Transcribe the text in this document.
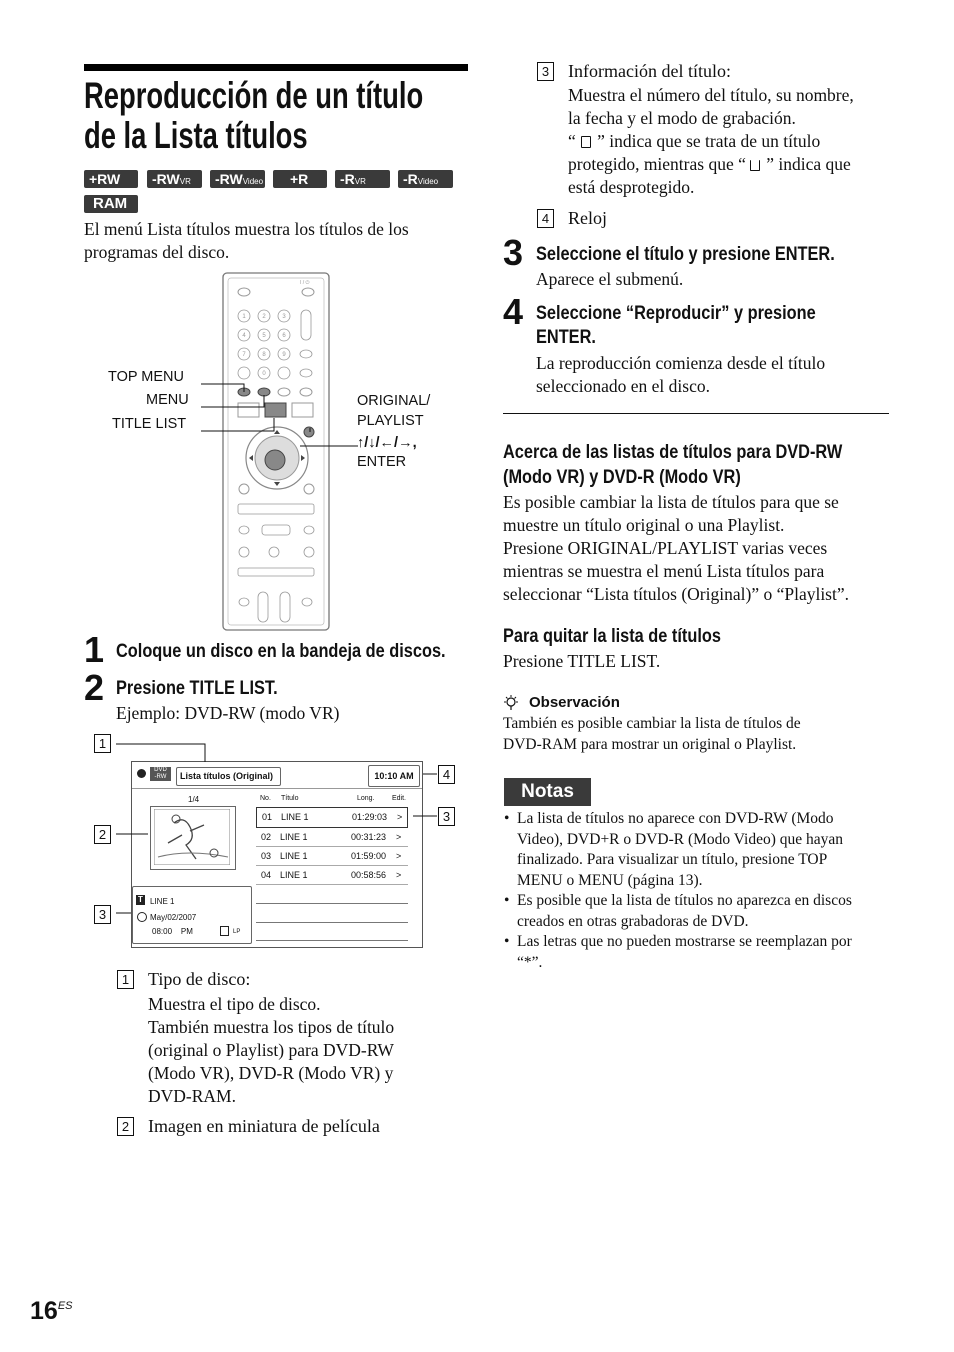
Reproducción de un título
de la Lista títulos
+RW	-RWVR	-RWVideo	+R	-RVR	-RVideo
RAM
El menú Lista títulos muestra los títulos de los
programas del disco.
I / ⏻
1	2	3
4	5	6
7	8	9
0
TOP MENU
MENU
TITLE LIST
ORIGINAL/
PLAYLIST
↑/↓/←/→,
ENTER
1 Coloque un disco en la bandeja de discos.
2 Presione TITLE LIST.
Ejemplo: DVD-RW (modo VR)
DVD
-RW	Lista títulos (Original)	10:10 AM
1/4
T LINE 1
May/02/2007
08:00    PM	LP
No. Título	Long. Edit.
01 LINE 1	01:29:03 >
02 LINE 1	00:31:23 >
03 LINE 1	01:59:00 >
04 LINE 1	00:58:56 >
1
2
3
4
3
1 Tipo de disco:
Muestra el tipo de disco.
También muestra los tipos de título
(original o Playlist) para DVD-RW
(Modo VR), DVD-R (Modo VR) y
DVD-RAM.
2 Imagen en miniatura de película
3 Información del título:
Muestra el número del título, su nombre,
la fecha y el modo de grabación.
“ ” indica que se trata de un título
protegido, mientras que “ ” indica que
está desprotegido.
4 Reloj
3 Seleccione el título y presione ENTER.
Aparece el submenú.
4 Seleccione “Reproducir” y presione
ENTER.
La reproducción comienza desde el título
seleccionado en el disco.
Acerca de las listas de títulos para DVD-RW
(Modo VR) y DVD-R (Modo VR)
Es posible cambiar la lista de títulos para que se
muestre un título original o una Playlist.
Presione ORIGINAL/PLAYLIST varias veces
mientras se muestra el menú Lista títulos para
seleccionar “Lista títulos (Original)” o “Playlist”.
Para quitar la lista de títulos
Presione TITLE LIST.
Observación
También es posible cambiar la lista de títulos de
DVD-RAM para mostrar un original o Playlist.
Notas
• La lista de títulos no aparece con DVD-RW (Modo
Video), DVD+R o DVD-R (Modo Video) que hayan
finalizado. Para visualizar un título, presione TOP
MENU o MENU (página 13).
• Es posible que la lista de títulos no aparezca en discos
creados en otras grabadoras de DVD.
• Las letras que no pueden mostrarse se reemplazan por
“*”.
$16^{ES}$
